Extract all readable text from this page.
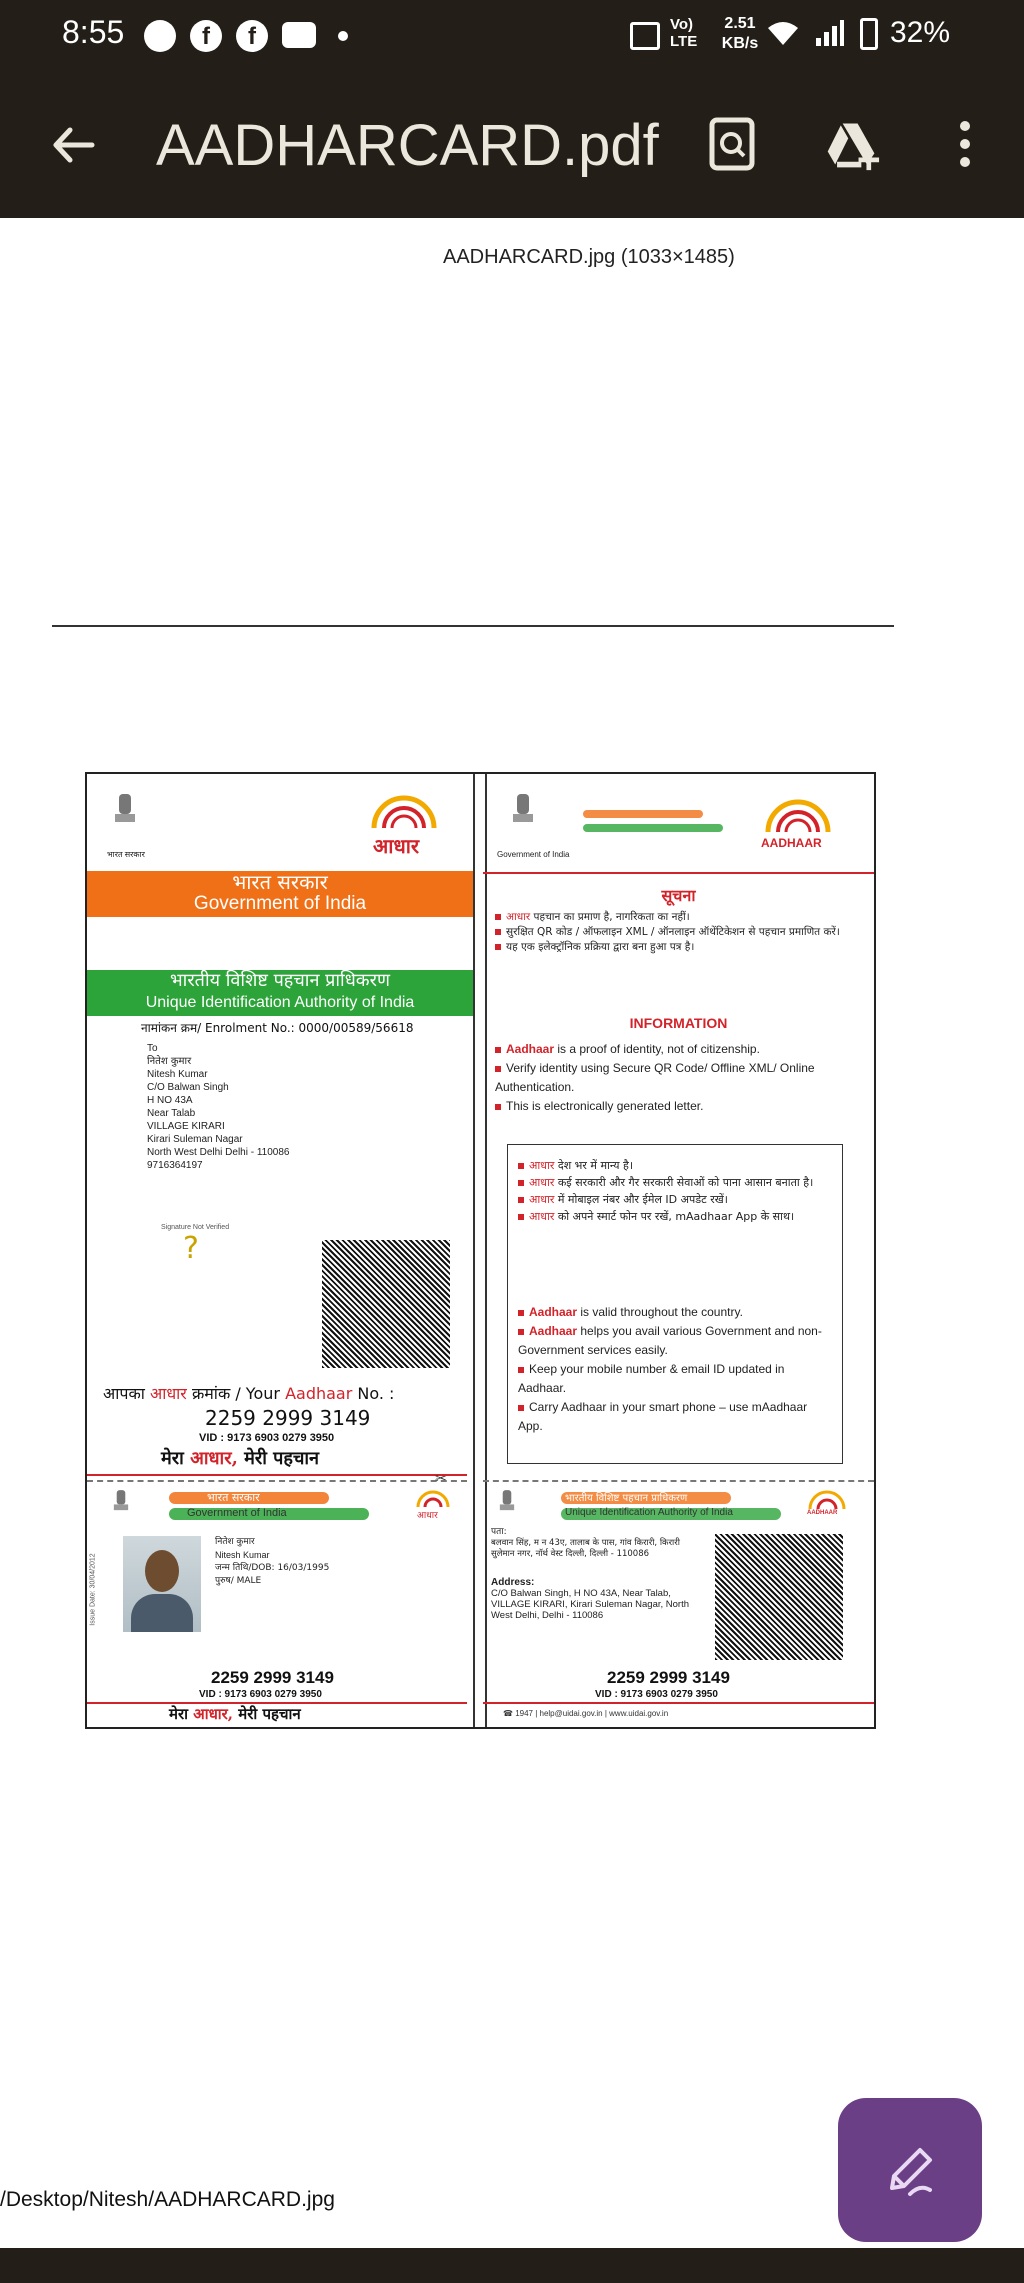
8:55	f	f	Vo)
LTE
2.51
KB/s	32%
AADHARCARD.pdf
AADHARCARD.jpg (1033×1485)
भारत सरकार	आधार
भारत सरकार
Government of India
भारतीय विशिष्ट पहचान प्राधिकरण
Unique Identification Authority of India
नामांकन क्रम/ Enrolment No.: 0000/00589/56618
To
नितेश कुमार
Nitesh Kumar
C/O Balwan Singh
H NO 43A
Near Talab
VILLAGE KIRARI
Kirari Suleman Nagar
North West Delhi Delhi - 110086
9716364197
Signature Not Verified
?
आपका आधार क्रमांक / Your Aadhaar No. :
2259 2999 3149
VID : 9173 6903 0279 3950
मेरा आधार, मेरी पहचान
✂
भारत सरकार
Government of India	आधार
Issue Date: 30/04/2012
नितेश कुमार
Nitesh Kumar
जन्म तिथि/DOB: 16/03/1995
पुरुष/ MALE
2259 2999 3149
VID : 9173 6903 0279 3950
मेरा आधार, मेरी पहचान
Government of India
AADHAAR
सूचना
आधार पहचान का प्रमाण है, नागरिकता का नहीं।
सुरक्षित QR कोड / ऑफलाइन XML / ऑनलाइन ऑथेंटिकेशन से पहचान प्रमाणित करें।
यह एक इलेक्ट्रॉनिक प्रक्रिया द्वारा बना हुआ पत्र है।
INFORMATION
Aadhaar is a proof of identity, not of citizenship.
Verify identity using Secure QR Code/ Offline XML/ Online Authentication.
This is electronically generated letter.
आधार देश भर में मान्य है।
आधार कई सरकारी और गैर सरकारी सेवाओं को पाना आसान बनाता है।
आधार में मोबाइल नंबर और ईमेल ID अपडेट रखें।
आधार को अपने स्मार्ट फोन पर रखें, mAadhaar App के साथ।
Aadhaar is valid throughout the country.
Aadhaar helps you avail various Government and non-Government services easily.
Keep your mobile number & email ID updated in Aadhaar.
Carry Aadhaar in your smart phone – use mAadhaar App.
भारतीय विशिष्ट पहचान प्राधिकरण
Unique Identification Authority of India	AADHAAR
पता:
बलवान सिंह, म न 43ए, तालाब के पास, गांव किरारी, किरारी सुलेमान नगर, नॉर्थ वेस्ट दिल्ली, दिल्ली - 110086
Address:
C/O Balwan Singh, H NO 43A, Near Talab, VILLAGE KIRARI, Kirari Suleman Nagar, North West Delhi, Delhi - 110086
2259 2999 3149
VID : 9173 6903 0279 3950
☎ 1947 | help@uidai.gov.in | www.uidai.gov.in
/Desktop/Nitesh/AADHARCARD.jpg
